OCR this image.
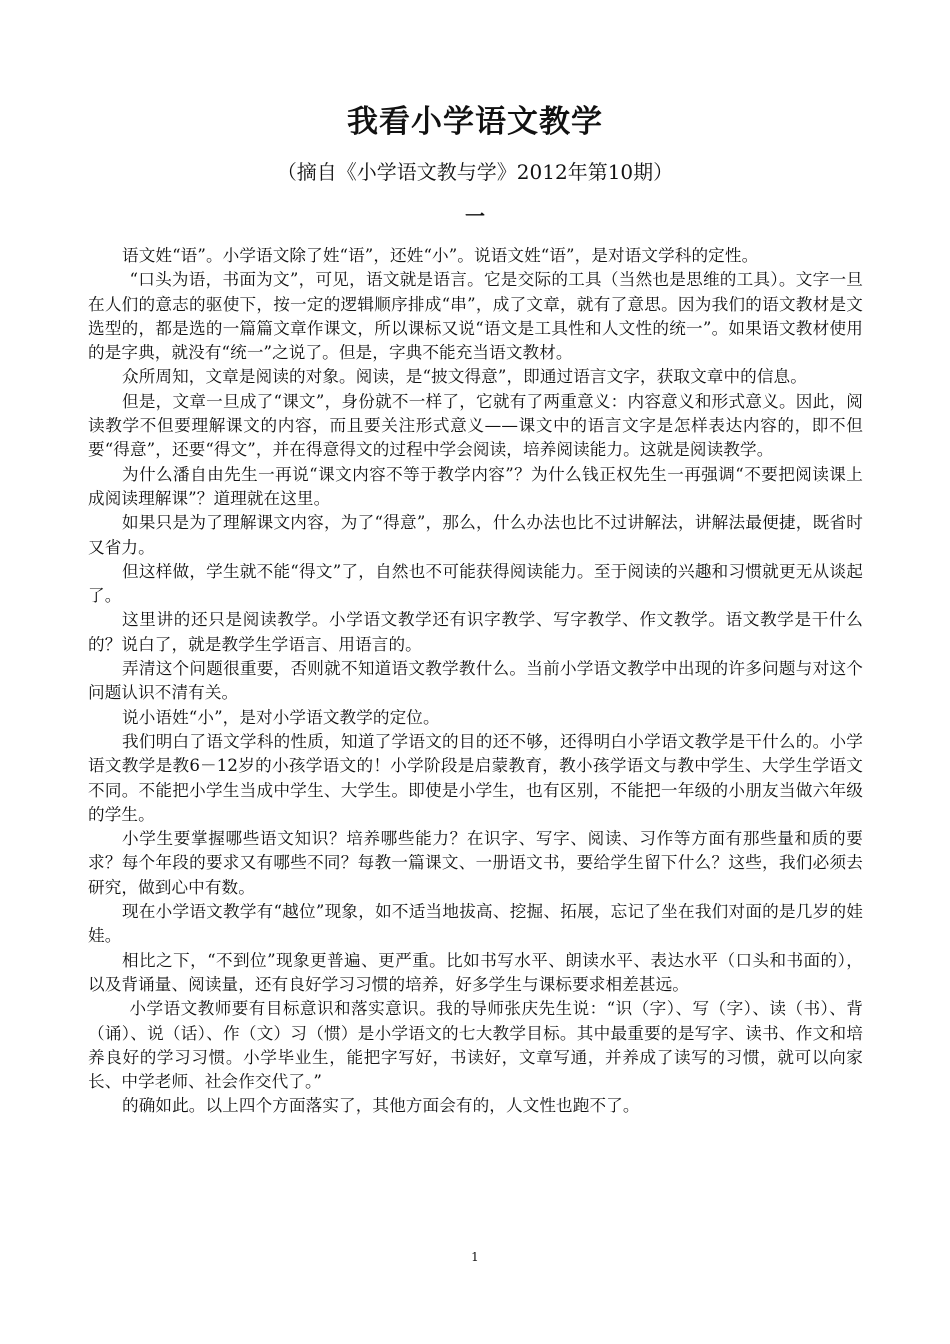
我看小学语文教学
（摘自《小学语文教与学》2012年第10期）
一

语文姓“语”。小学语文除了姓“语”，还姓“小”。说语文姓“语”，是对语文学科的定性。

“口头为语，书面为文”，可见，语文就是语言。它是交际的工具（当然也是思维的工具）。文字一旦在人们的意志的驱使下，按一定的逻辑顺序排成“串”，成了文章，就有了意思。因为我们的语文教材是文选型的，都是选的一篇篇文章作课文，所以课标又说“语文是工具性和人文性的统一”。如果语文教材使用的是字典，就没有“统一”之说了。但是，字典不能充当语文教材。

众所周知，文章是阅读的对象。阅读，是“披文得意”，即通过语言文字，获取文章中的信息。

但是，文章一旦成了“课文”，身份就不一样了，它就有了两重意义：内容意义和形式意义。因此，阅读教学不但要理解课文的内容，而且要关注形式意义——课文中的语言文字是怎样表达内容的，即不但要“得意”，还要“得文”，并在得意得文的过程中学会阅读，培养阅读能力。这就是阅读教学。

为什么潘自由先生一再说“课文内容不等于教学内容”？为什么钱正权先生一再强调“不要把阅读课上成阅读理解课”？道理就在这里。

如果只是为了理解课文内容，为了“得意”，那么，什么办法也比不过讲解法，讲解法最便捷，既省时又省力。

但这样做，学生就不能“得文”了，自然也不可能获得阅读能力。至于阅读的兴趣和习惯就更无从谈起了。

这里讲的还只是阅读教学。小学语文教学还有识字教学、写字教学、作文教学。语文教学是干什么的？说白了，就是教学生学语言、用语言的。

弄清这个问题很重要，否则就不知道语文教学教什么。当前小学语文教学中出现的许多问题与对这个问题认识不清有关。

说小语姓“小”，是对小学语文教学的定位。

我们明白了语文学科的性质，知道了学语文的目的还不够，还得明白小学语文教学是干什么的。小学语文教学是教6－12岁的小孩学语文的！小学阶段是启蒙教育，教小孩学语文与教中学生、大学生学语文不同。不能把小学生当成中学生、大学生。即使是小学生，也有区别，不能把一年级的小朋友当做六年级的学生。

小学生要掌握哪些语文知识？培养哪些能力？在识字、写字、阅读、习作等方面有那些量和质的要求？每个年段的要求又有哪些不同？每教一篇课文、一册语文书，要给学生留下什么？这些，我们必须去研究，做到心中有数。

现在小学语文教学有“越位”现象，如不适当地拔高、挖掘、拓展，忘记了坐在我们对面的是几岁的娃娃。

相比之下，“不到位”现象更普遍、更严重。比如书写水平、朗读水平、表达水平（口头和书面的），以及背诵量、阅读量，还有良好学习习惯的培养，好多学生与课标要求相差甚远。

小学语文教师要有目标意识和落实意识。我的导师张庆先生说：“识（字）、写（字）、读（书）、背（诵）、说（话）、作（文）习（惯）是小学语文的七大教学目标。其中最重要的是写字、读书、作文和培养良好的学习习惯。小学毕业生，能把字写好，书读好，文章写通，并养成了读写的习惯，就可以向家长、中学老师、社会作交代了。”

的确如此。以上四个方面落实了，其他方面会有的，人文性也跑不了。

1
